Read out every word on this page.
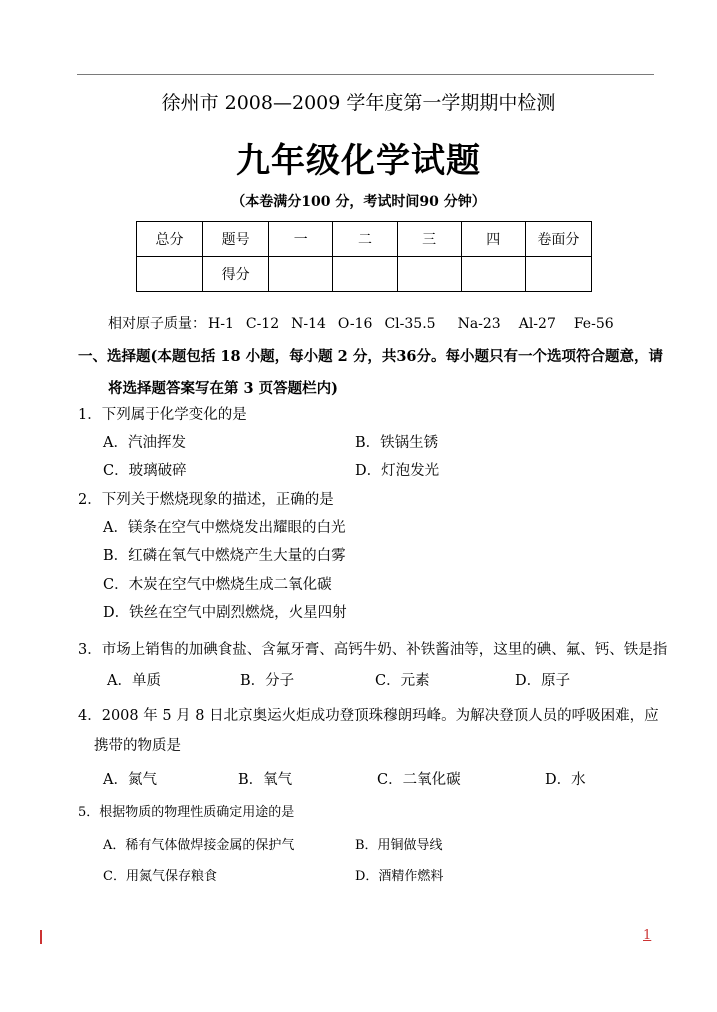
徐州市 2008—2009 学年度第一学期期中检测
九年级化学试题
（本卷满分100 分，考试时间90 分钟）
总分	题号	一	二	三	四	卷面分
	得分					
相对原子质量： H-1 C-12 N-14 O-16 Cl-35.5 Na-23 Al-27 Fe-56
一、选择题(本题包括 18 小题，每小题 2 分，共36分。每小题只有一个选项符合题意，请
将选择题答案写在第 3 页答题栏内)
1．下列属于化学变化的是
A．汽油挥发	B．铁锅生锈
C．玻璃破碎	D．灯泡发光
2．下列关于燃烧现象的描述，正确的是
A．镁条在空气中燃烧发出耀眼的白光
B．红磷在氧气中燃烧产生大量的白雾
C．木炭在空气中燃烧生成二氧化碳
D．铁丝在空气中剧烈燃烧，火星四射
3．市场上销售的加碘食盐、含氟牙膏、高钙牛奶、补铁酱油等，这里的碘、氟、钙、铁是指
A．单质	B．分子	C．元素	D．原子
4．2008 年 5 月 8 日北京奥运火炬成功登顶珠穆朗玛峰。为解决登顶人员的呼吸困难，应
携带的物质是
A．氮气	B．氧气	C．二氧化碳	D．水
5．根据物质的物理性质确定用途的是
A．稀有气体做焊接金属的保护气	B．用铜做导线
C．用氮气保存粮食	D．酒精作燃料
1
